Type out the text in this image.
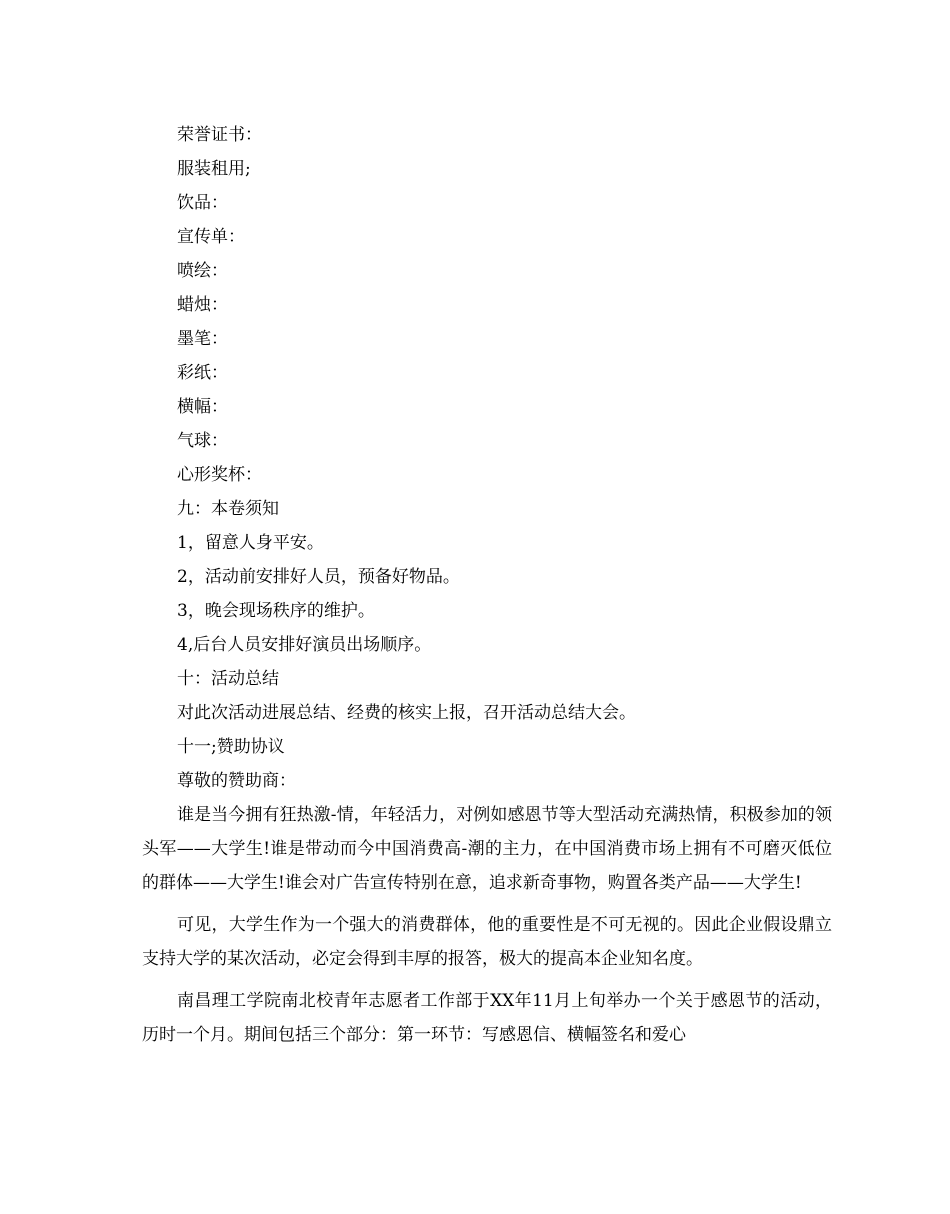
荣誉证书：
服装租用;
饮品：
宣传单：
喷绘：
蜡烛：
墨笔：
彩纸：
横幅：
气球：
心形奖杯：
九：本卷须知
1，留意人身平安。
2，活动前安排好人员，预备好物品。
3，晚会现场秩序的维护。
4,后台人员安排好演员出场顺序。
十：活动总结
对此次活动进展总结、经费的核实上报，召开活动总结大会。
十一;赞助协议
尊敬的赞助商：

谁是当今拥有狂热激-情，年轻活力，对例如感恩节等大型活动充满热情，积极参加的领头军——大学生!谁是带动而今中国消费高-潮的主力，在中国消费市场上拥有不可磨灭低位的群体——大学生!谁会对广告宣传特别在意，追求新奇事物，购置各类产品——大学生!

可见，大学生作为一个强大的消费群体，他的重要性是不可无视的。因此企业假设鼎立支持大学的某次活动，必定会得到丰厚的报答，极大的提高本企业知名度。

南昌理工学院南北校青年志愿者工作部于XX年11月上旬举办一个关于感恩节的活动，历时一个月。期间包括三个部分：第一环节：写感恩信、横幅签名和爱心
